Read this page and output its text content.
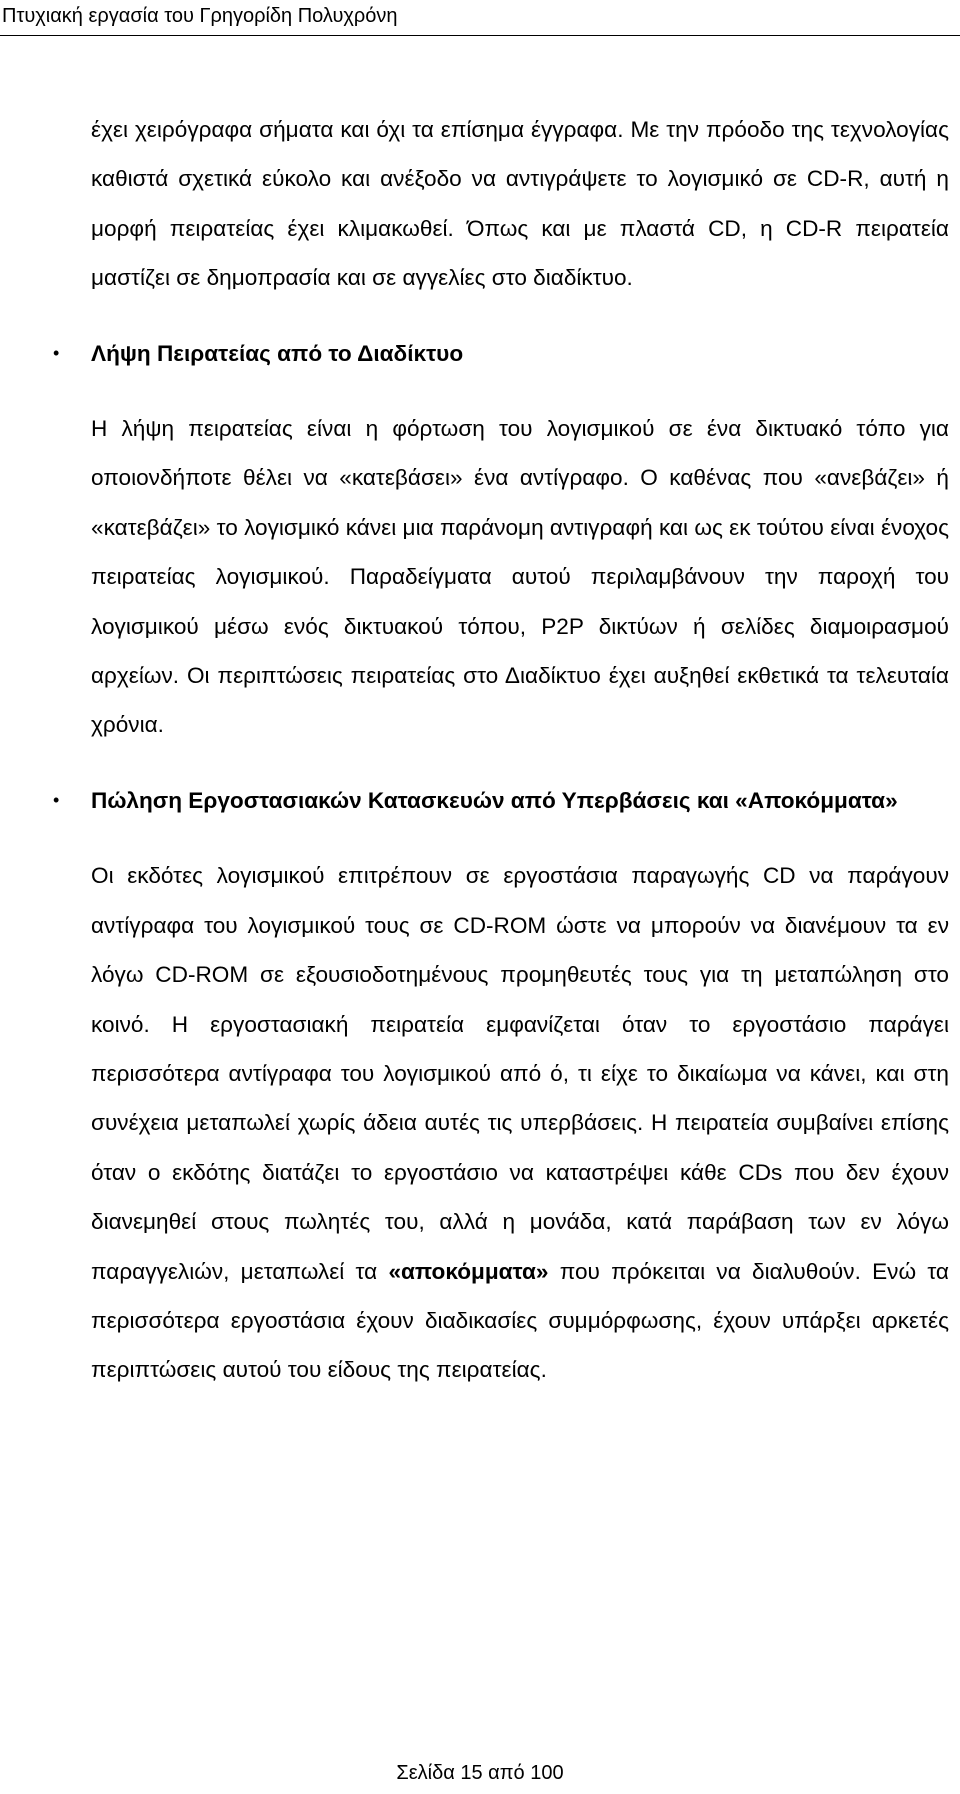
Πτυχιακή εργασία του Γρηγορίδη Πολυχρόνη

έχει χειρόγραφα σήματα και όχι τα επίσημα έγγραφα. Με την πρόοδο της τεχνολογίας καθιστά σχετικά εύκολο και ανέξοδο να αντιγράψετε το λογισμικό σε CD-R, αυτή η μορφή πειρατείας έχει κλιμακωθεί. Όπως και με πλαστά CD, η CD-R πειρατεία μαστίζει σε δημοπρασία και σε αγγελίες στο διαδίκτυο.

• Λήψη Πειρατείας από το Διαδίκτυο

Η λήψη πειρατείας είναι η φόρτωση του λογισμικού σε ένα δικτυακό τόπο για οποιονδήποτε θέλει να «κατεβάσει» ένα αντίγραφο. Ο καθένας που «ανεβάζει» ή «κατεβάζει» το λογισμικό κάνει μια παράνομη αντιγραφή και ως εκ τούτου είναι ένοχος πειρατείας λογισμικού. Παραδείγματα αυτού περιλαμβάνουν την παροχή του λογισμικού μέσω ενός δικτυακού τόπου, P2P δικτύων ή σελίδες διαμοιρασμού αρχείων. Οι περιπτώσεις πειρατείας στο Διαδίκτυο έχει αυξηθεί εκθετικά τα τελευταία χρόνια.

• Πώληση Εργοστασιακών Κατασκευών από Υπερβάσεις και «Αποκόμματα»

Οι εκδότες λογισμικού επιτρέπουν σε εργοστάσια παραγωγής CD να παράγουν αντίγραφα του λογισμικού τους σε CD-ROM ώστε να μπορούν να διανέμουν τα εν λόγω CD-ROM σε εξουσιοδοτημένους προμηθευτές τους για τη μεταπώληση στο κοινό. Η εργοστασιακή πειρατεία εμφανίζεται όταν το εργοστάσιο παράγει περισσότερα αντίγραφα του λογισμικού από ό, τι είχε το δικαίωμα να κάνει, και στη συνέχεια μεταπωλεί χωρίς άδεια αυτές τις υπερβάσεις. Η πειρατεία συμβαίνει επίσης όταν ο εκδότης διατάζει το εργοστάσιο να καταστρέψει κάθε CDs που δεν έχουν διανεμηθεί στους πωλητές του, αλλά η μονάδα, κατά παράβαση των εν λόγω παραγγελιών, μεταπωλεί τα «αποκόμματα» που πρόκειται να διαλυθούν. Ενώ τα περισσότερα εργοστάσια έχουν διαδικασίες συμμόρφωσης, έχουν υπάρξει αρκετές περιπτώσεις αυτού του είδους της πειρατείας.

Σελίδα 15 από 100
